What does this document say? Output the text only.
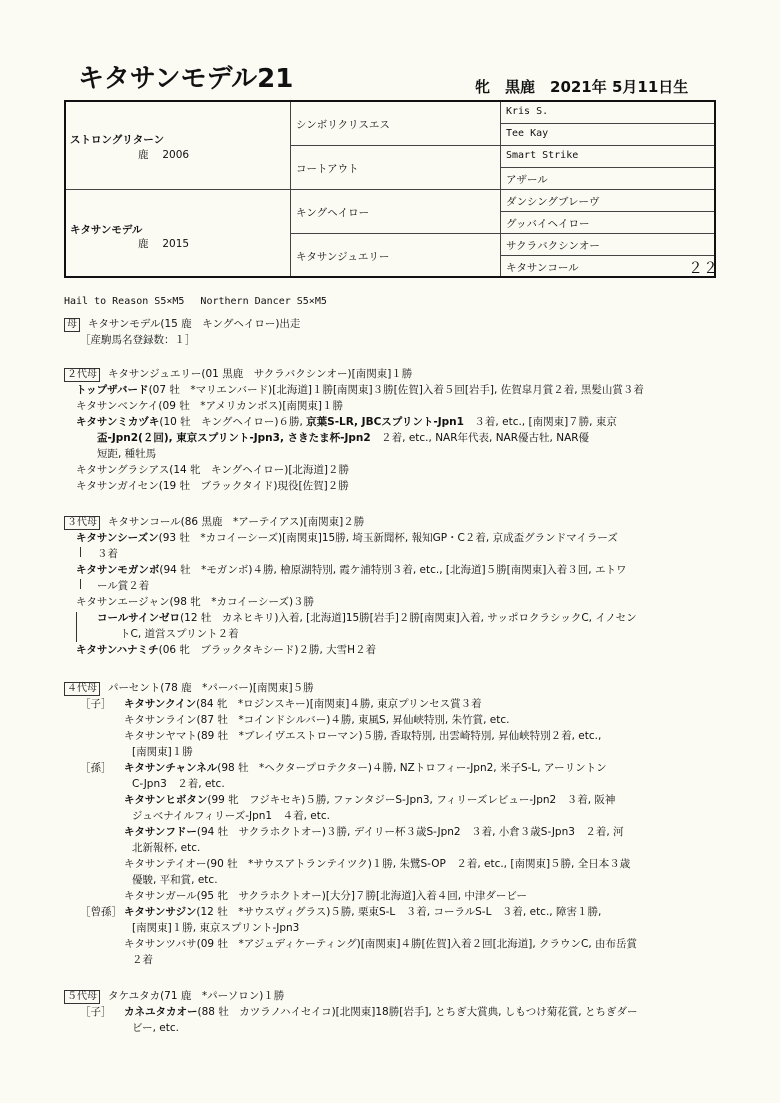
キタサンモデル21	牝　黒鹿　2021年 5月11日生
ストロングリターン
鹿　 2006
キタサンモデル
鹿　 2015
シンボリクリスエス
コートアウト
キングヘイロー
キタサンジュエリー
Kris S.
Tee Kay
Smart Strike
アザール
ダンシングブレーヴ
グッバイヘイロー
サクラバクシンオー
キタサンコール	２２
Hail to Reason S5×M5　 Northern Dancer S5×M5
母 キタサンモデル(15 鹿　キングヘイロー)出走
［産駒馬名登録数：１］
２代母 キタサンジュエリー(01 黒鹿　サクラバクシンオー)[南関東]１勝
トップザバード(07 牡　*マリエンバード)[北海道]１勝[南関東]３勝[佐賀]入着５回[岩手], 佐賀皐月賞２着, 黒髪山賞３着
キタサンベンケイ(09 牡　*アメリカンボス)[南関東]１勝
キタサンミカヅキ(10 牡　キングヘイロー)６勝, 京葉S-LR, JBCスプリント-Jpn1　３着, etc., [南関東]７勝, 東京
盃-Jpn2(２回), 東京スプリント-Jpn3, さきたま杯-Jpn2　２着, etc., NAR年代表, NAR優古牡, NAR優
短距, 種牡馬
キタサングラシアス(14 牝　キングヘイロー)[北海道]２勝
キタサンガイセン(19 牡　ブラックタイド)現役[佐賀]２勝
３代母 キタサンコール(86 黒鹿　*アーテイアス)[南関東]２勝
キタサンシーズン(93 牡　*カコイーシーズ)[南関東]15勝, 埼玉新聞杯, 報知GP・C２着, 京成盃グランドマイラーズ
３着
キタサンモガンボ(94 牡　*モガンボ)４勝, 檜原湖特別, 霞ケ浦特別３着, etc., [北海道]５勝[南関東]入着３回, エトワ
ール賞２着
キタサンエージャン(98 牝　*カコイーシーズ)３勝
コールサインゼロ(12 牡　カネヒキリ)入着, [北海道]15勝[岩手]２勝[南関東]入着, サッポロクラシックC, イノセン
トC, 道営スプリント２着
キタサンハナミチ(06 牝　ブラックタキシード)２勝, 大雪H２着
４代母 パーセント(78 鹿　*パーバー)[南関東]５勝
［子］ キタサンクイン(84 牝　*ロジンスキー)[南関東]４勝, 東京プリンセス賞３着
キタサンライン(87 牡　*コインドシルバー)４勝, 東風S, 昇仙峡特別, 朱竹賞, etc.
キタサンヤマト(89 牡　*ブレイヴエストローマン)５勝, 香取特別, 出雲崎特別, 昇仙峡特別２着, etc.,
[南関東]１勝
［孫］ キタサンチャンネル(98 牡　*ヘクタープロテクター)４勝, NZトロフィー-Jpn2, 米子S-L, アーリントン
C-Jpn3　２着, etc.
キタサンヒボタン(99 牝　フジキセキ)５勝, ファンタジーS-Jpn3, フィリーズレビュー-Jpn2　３着, 阪神
ジュベナイルフィリーズ-Jpn1　４着, etc.
キタサンフドー(94 牡　サクラホクトオー)３勝, デイリー杯３歳S-Jpn2　３着, 小倉３歳S-Jpn3　２着, 河
北新報杯, etc.
キタサンテイオー(90 牡　*サウスアトランテイツク)１勝, 朱鷺S-OP　２着, etc., [南関東]５勝, 全日本３歳
優駿, 平和賞, etc.
キタサンガール(95 牝　サクラホクトオー)[大分]７勝[北海道]入着４回, 中津ダービー
［曾孫］ キタサンサジン(12 牡　*サウスヴィグラス)５勝, 栗東S-L　３着, コーラルS-L　３着, etc., 障害１勝,
[南関東]１勝, 東京スプリント-Jpn3
キタサンツバサ(09 牡　*アジュディケーティング)[南関東]４勝[佐賀]入着２回[北海道], クラウンC, 由布岳賞
２着
５代母 タケユタカ(71 鹿　*パーソロン)１勝
［子］ カネユタカオー(88 牡　カツラノハイセイコ)[北関東]18勝[岩手], とちぎ大賞典, しもつけ菊花賞, とちぎダー
ビー, etc.
